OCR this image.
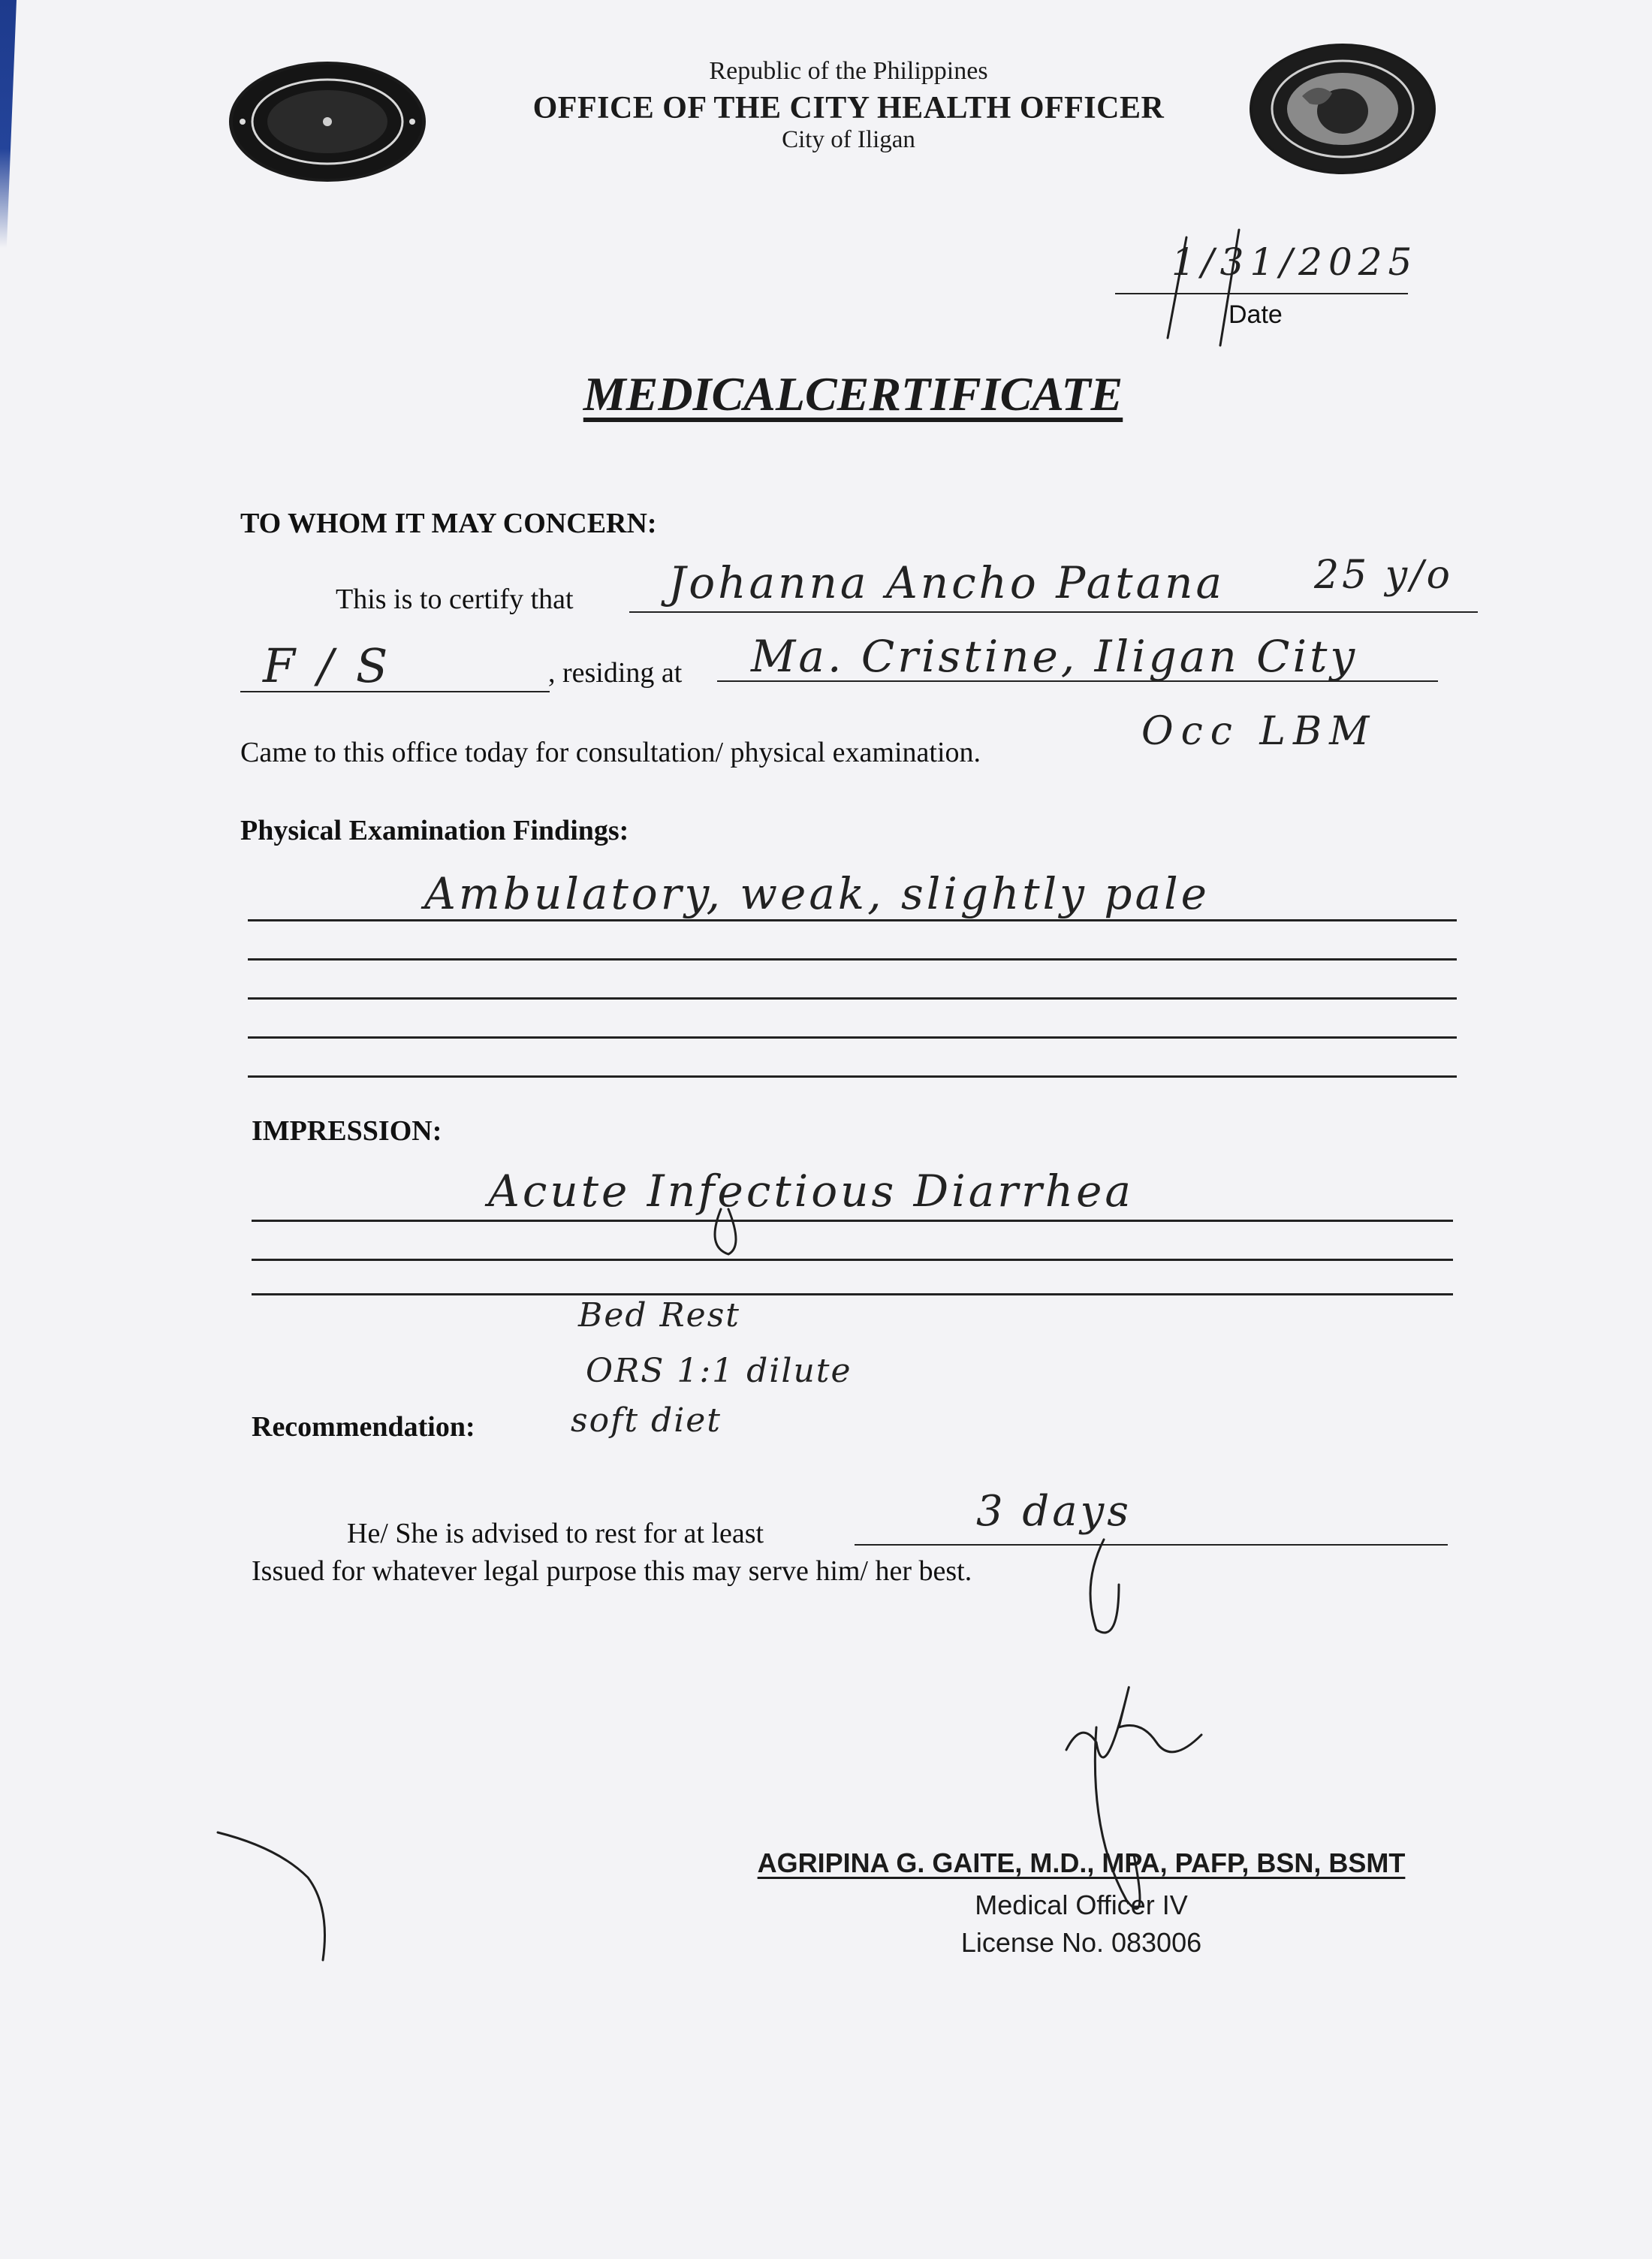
Republic of the Philippines
OFFICE OF THE CITY HEALTH OFFICER
City of Iligan
1/31/2025
Date
MEDICALCERTIFICATE
TO WHOM IT MAY CONCERN:
This is to certify that Johanna Ancho Patana 25 y/o
F/S	, residing at Ma. Cristine, Iligan City
Came to this office today for consultation/ physical examination.	Occ LBM
Physical Examination Findings:
Ambulatory, weak, slightly pale
IMPRESSION:
Acute Infectious Diarrhea
Bed Rest
ORS 1:1 dilute
soft diet
Recommendation:
He/ She is advised to rest for at least	3 days
Issued for whatever legal purpose this may serve him/ her best.
AGRIPINA G. GAITE, M.D., MPA, PAFP, BSN, BSMT
Medical Officer IV
License No. 083006
